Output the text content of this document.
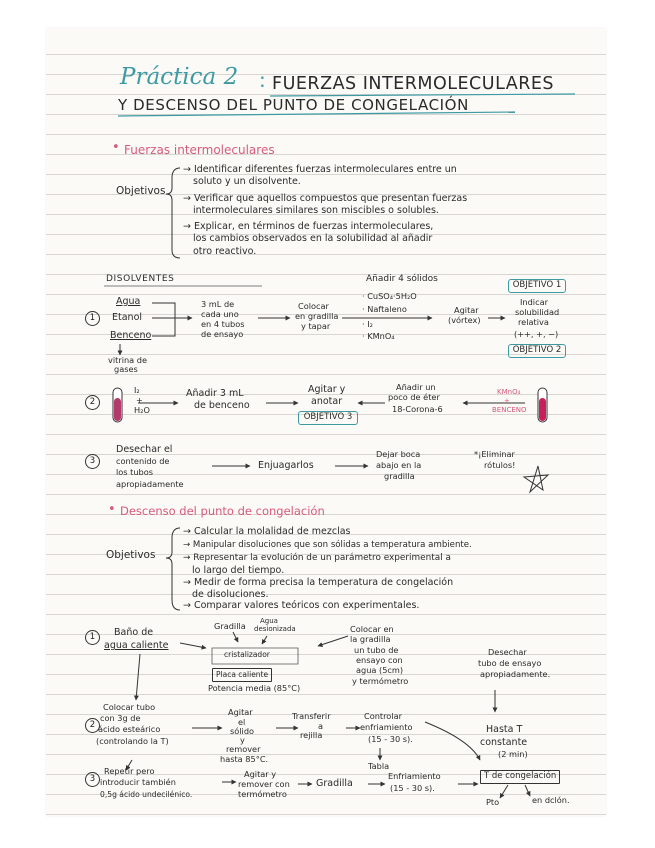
Práctica 2 : FUERZAS INTERMOLECULARES
Y DESCENSO DEL PUNTO DE CONGELACIÓN
• Fuerzas intermoleculares
Objetivos
→ Identificar diferentes fuerzas intermoleculares entre un
soluto y un disolvente.
→ Verificar que aquellos compuestos que presentan fuerzas
intermoleculares similares son miscibles o solubles.
→ Explicar, en términos de fuerzas intermoleculares,
los cambios observados en la solubilidad al añadir
otro reactivo.
DISOLVENTES
Agua
Etanol
Benceno
1
vitrina de
gases
3 mL de
cada uno
en 4 tubos
de ensayo
Colocar
en gradilla
y tapar
Añadir 4 sólidos
· CuSO₄·5H₂O
· Naftaleno
· I₂
· KMnO₄
Agitar
(vórtex)
OBJETIVO 1
Indicar
solubilidad
relativa
(++, +, −)
OBJETIVO 2
2
I₂
+
H₂O
Añadir 3 mL
de benceno
Agitar y
anotar
OBJETIVO 3
Añadir un
poco de éter
18-Corona-6
KMnO₄
+
BENCENO
3
Desechar el
contenido de
los tubos
apropiadamente
Enjuagarlos
Dejar boca
abajo en la
gradilla
*¡Eliminar
rótulos!
• Descenso del punto de congelación
Objetivos
→ Calcular la molalidad de mezclas
→ Manipular disoluciones que son sólidas a temperatura ambiente.
→ Representar la evolución de un parámetro experimental a
lo largo del tiempo.
→ Medir de forma precisa la temperatura de congelación
de disoluciones.
→ Comparar valores teóricos con experimentales.
1	Baño de
agua caliente
Gradilla Agua
desionizada
cristalizador
Placa caliente
Potencia media (85°C)
Colocar en
la gradilla
un tubo de
ensayo con
agua (5cm)
y termómetro
Desechar
tubo de ensayo
apropiadamente.
Colocar tubo
con 3g de
ácido esteárico
(controlando la T)
2
Agitar
el
sólido
y
remover
hasta 85°C.
Transferir
a
rejilla
Controlar
enfriamiento
(15 - 30 s).
Tabla
Hasta T
constante
(2 min)
3
Repetir pero
introducir también
0,5g ácido undecilénico.
Agitar y
remover con
termómetro
Gradilla
Enfriamiento
(15 - 30 s).
T de congelación
Pto	en dclón.
